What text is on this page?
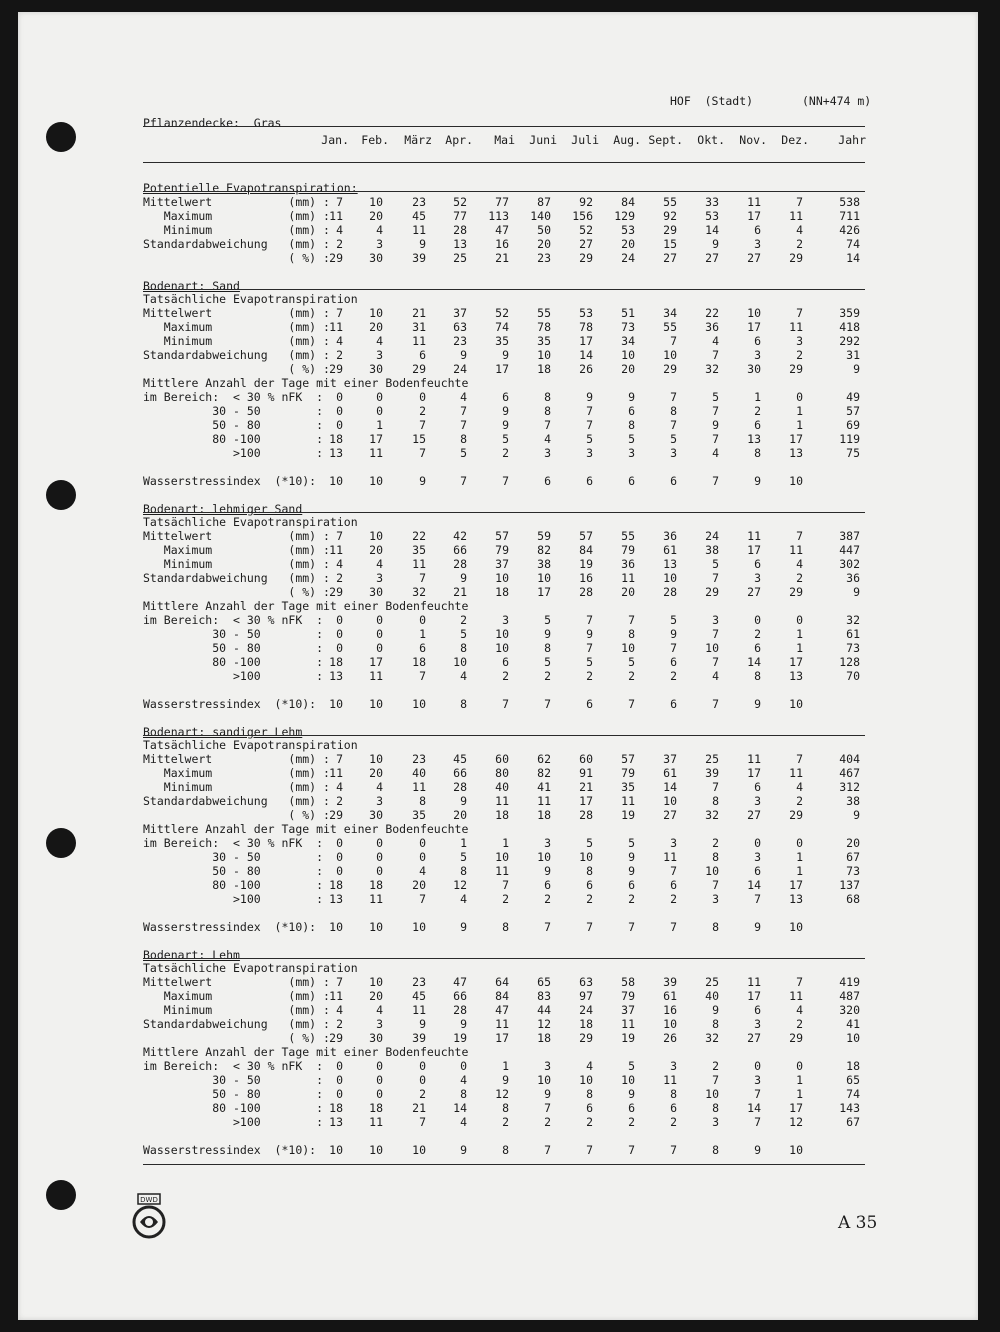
HOF  (Stadt)	(NN+474 m)
Pflanzendecke:  Gras
Jan.	Feb.	März	Apr.	Mai	Juni	Juli	Aug. Sept.	Okt.	Nov.	Dez.	Jahr
Potentielle Evapotranspiration:
Mittelwert           (mm) : 7	10	23	52	77	87	92	84	55	33	11	7	538
Maximum           (mm) : 11	20	45	77	113	140	156	129	92	53	17	11	711
Minimum           (mm) : 4	4	11	28	47	50	52	53	29	14	6	4	426
Standardabweichung   (mm) : 2	3	9	13	16	20	27	20	15	9	3	2	74
( %) : 29	30	39	25	21	23	29	24	27	27	27	29	14
Bodenart: Sand
Tatsächliche Evapotranspiration
Mittelwert           (mm) : 7	10	21	37	52	55	53	51	34	22	10	7	359
Maximum           (mm) : 11	20	31	63	74	78	78	73	55	36	17	11	418
Minimum           (mm) : 4	4	11	23	35	35	17	34	7	4	6	3	292
Standardabweichung   (mm) : 2	3	6	9	9	10	14	10	10	7	3	2	31
( %) : 29	30	29	24	17	18	26	20	29	32	30	29	9
Mittlere Anzahl der Tage mit einer Bodenfeuchte
im Bereich:  < 30 % nFK  :	0	0	0	4	6	8	9	9	7	5	1	0	49
30 - 50        :	0	0	2	7	9	8	7	6	8	7	2	1	57
50 - 80        :	0	1	7	7	9	7	7	8	7	9	6	1	69
80 -100        : 18	17	15	8	5	4	5	5	5	7	13	17	119
>100        : 13	11	7	5	2	3	3	3	3	4	8	13	75
Wasserstressindex  (*10):	10	10	9	7	7	6	6	6	6	7	9	10
Bodenart: lehmiger Sand
Tatsächliche Evapotranspiration
Mittelwert           (mm) : 7	10	22	42	57	59	57	55	36	24	11	7	387
Maximum           (mm) : 11	20	35	66	79	82	84	79	61	38	17	11	447
Minimum           (mm) : 4	4	11	28	37	38	19	36	13	5	6	4	302
Standardabweichung   (mm) : 2	3	7	9	10	10	16	11	10	7	3	2	36
( %) : 29	30	32	21	18	17	28	20	28	29	27	29	9
Mittlere Anzahl der Tage mit einer Bodenfeuchte
im Bereich:  < 30 % nFK  :	0	0	0	2	3	5	7	7	5	3	0	0	32
30 - 50        :	0	0	1	5	10	9	9	8	9	7	2	1	61
50 - 80        :	0	0	6	8	10	8	7	10	7	10	6	1	73
80 -100        : 18	17	18	10	6	5	5	5	6	7	14	17	128
>100        : 13	11	7	4	2	2	2	2	2	4	8	13	70
Wasserstressindex  (*10):	10	10	10	8	7	7	6	7	6	7	9	10
Bodenart: sandiger Lehm
Tatsächliche Evapotranspiration
Mittelwert           (mm) : 7	10	23	45	60	62	60	57	37	25	11	7	404
Maximum           (mm) : 11	20	40	66	80	82	91	79	61	39	17	11	467
Minimum           (mm) : 4	4	11	28	40	41	21	35	14	7	6	4	312
Standardabweichung   (mm) : 2	3	8	9	11	11	17	11	10	8	3	2	38
( %) : 29	30	35	20	18	18	28	19	27	32	27	29	9
Mittlere Anzahl der Tage mit einer Bodenfeuchte
im Bereich:  < 30 % nFK  :	0	0	0	1	1	3	5	5	3	2	0	0	20
30 - 50        :	0	0	0	5	10	10	10	9	11	8	3	1	67
50 - 80        :	0	0	4	8	11	9	8	9	7	10	6	1	73
80 -100        : 18	18	20	12	7	6	6	6	6	7	14	17	137
>100        : 13	11	7	4	2	2	2	2	2	3	7	13	68
Wasserstressindex  (*10):	10	10	10	9	8	7	7	7	7	8	9	10
Bodenart: Lehm
Tatsächliche Evapotranspiration
Mittelwert           (mm) : 7	10	23	47	64	65	63	58	39	25	11	7	419
Maximum           (mm) : 11	20	45	66	84	83	97	79	61	40	17	11	487
Minimum           (mm) : 4	4	11	28	47	44	24	37	16	9	6	4	320
Standardabweichung   (mm) : 2	3	9	9	11	12	18	11	10	8	3	2	41
( %) : 29	30	39	19	17	18	29	19	26	32	27	29	10
Mittlere Anzahl der Tage mit einer Bodenfeuchte
im Bereich:  < 30 % nFK  :	0	0	0	0	1	3	4	5	3	2	0	0	18
30 - 50        :	0	0	0	4	9	10	10	10	11	7	3	1	65
50 - 80        :	0	0	2	8	12	9	8	9	8	10	7	1	74
80 -100        : 18	18	21	14	8	7	6	6	6	8	14	17	143
>100        : 13	11	7	4	2	2	2	2	2	3	7	12	67
Wasserstressindex  (*10):	10	10	10	9	8	7	7	7	7	8	9	10
DWD
A 35
